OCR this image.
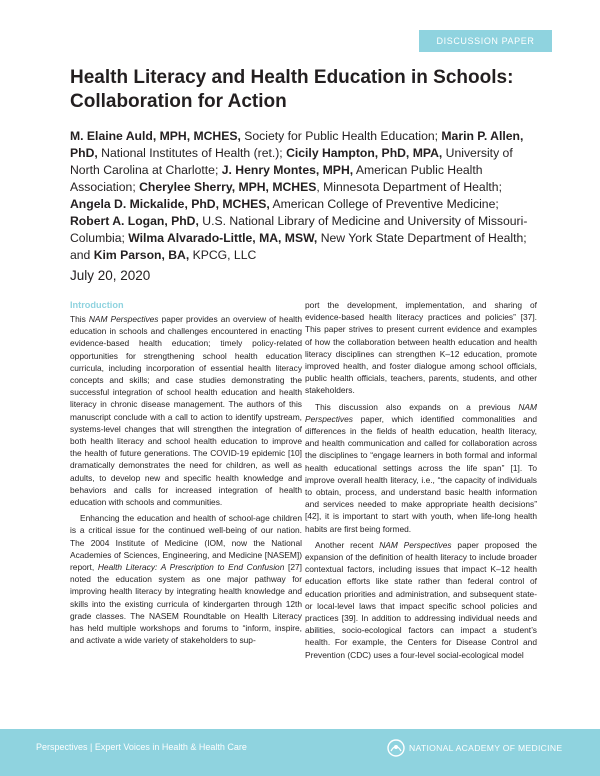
DISCUSSION PAPER
Health Literacy and Health Education in Schools:
Collaboration for Action
M. Elaine Auld, MPH, MCHES, Society for Public Health Education; Marin P. Allen, PhD, National Institutes of Health (ret.); Cicily Hampton, PhD, MPA, University of North Carolina at Charlotte; J. Henry Montes, MPH, American Public Health Association; Cherylee Sherry, MPH, MCHES, Minnesota Department of Health; Angela D. Mickalide, PhD, MCHES, American College of Preventive Medicine; Robert A. Logan, PhD, U.S. National Library of Medicine and University of Missouri-Columbia; Wilma Alvarado-Little, MA, MSW, New York State Department of Health; and Kim Parson, BA, KPCG, LLC
July 20, 2020
Introduction

This NAM Perspectives paper provides an overview of health education in schools and challenges encountered in enacting evidence-based health education; timely policy-related opportunities for strengthening school health education curricula, including incorporation of essential health literacy concepts and skills; and case studies demonstrating the successful integration of school health education and health literacy in chronic disease management. The authors of this manuscript conclude with a call to action to identify upstream, systems-level changes that will strengthen the integration of both health literacy and school health education to improve the health of future generations. The COVID-19 epidemic [10] dramatically demonstrates the need for children, as well as adults, to develop new and specific health knowledge and behaviors and calls for increased integration of health education with schools and communities.

Enhancing the education and health of school-age children is a critical issue for the continued well-being of our nation. The 2004 Institute of Medicine (IOM, now the National Academies of Sciences, Engineering, and Medicine [NASEM]) report, Health Literacy: A Prescription to End Confusion [27] noted the education system as one major pathway for improving health literacy by integrating health knowledge and skills into the existing curricula of kindergarten through 12th grade classes. The NASEM Roundtable on Health Literacy has held multiple workshops and forums to “inform, inspire, and activate a wide variety of stakeholders to sup-

port the development, implementation, and sharing of evidence-based health literacy practices and policies” [37]. This paper strives to present current evidence and examples of how the collaboration between health education and health literacy disciplines can strengthen K–12 education, promote improved health, and foster dialogue among school officials, public health officials, teachers, parents, students, and other stakeholders.

This discussion also expands on a previous NAM Perspectives paper, which identified commonalities and differences in the fields of health education, health literacy, and health communication and called for collaboration across the disciplines to “engage learners in both formal and informal health educational settings across the life span” [1]. To improve overall health literacy, i.e., “the capacity of individuals to obtain, process, and understand basic health information and services needed to make appropriate health decisions” [42], it is important to start with youth, when life-long health habits are first being formed.

Another recent NAM Perspectives paper proposed the expansion of the definition of health literacy to include broader contextual factors, including issues that impact K–12 health education efforts like state rather than federal control of education priorities and administration, and subsequent state- or local-level laws that impact specific school policies and practices [39]. In addition to addressing individual needs and abilities, socio-ecological factors can impact a student’s health. For example, the Centers for Disease Control and Prevention (CDC) uses a four-level social-ecological model

Perspectives | Expert Voices in Health & Health Care	NATIONAL ACADEMY OF MEDICINE
